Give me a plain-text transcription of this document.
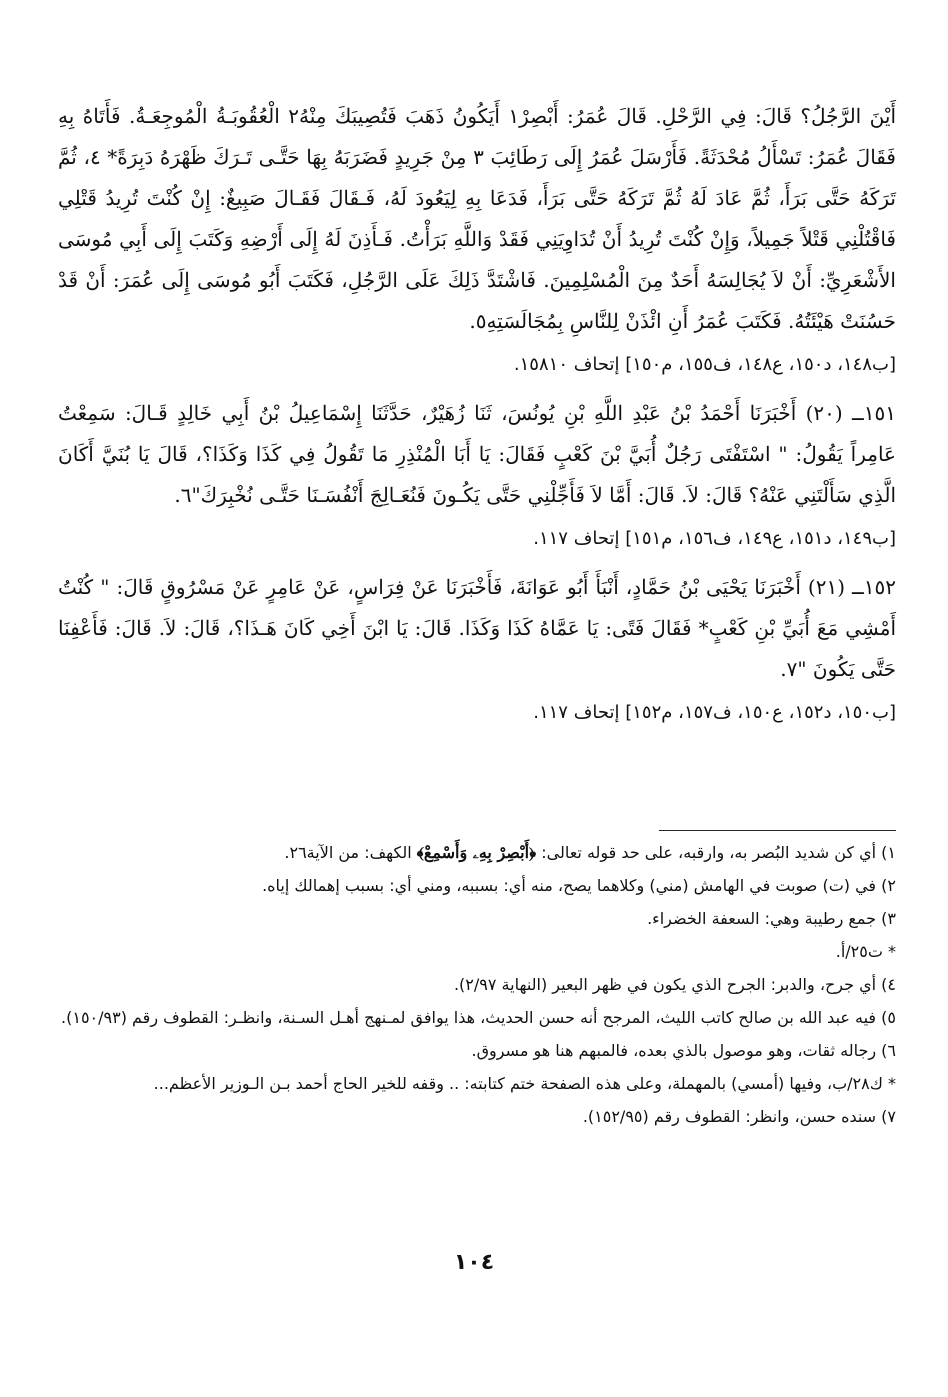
أَيْنَ الرَّجُلُ؟ قَالَ: فِي الرَّحْلِ. قَالَ عُمَرُ: أَبْصِرْ١ أَيَكُونُ ذَهَبَ فَتُصِيبَكَ مِنْهُ٢ الْعُقُوبَـةُ الْمُوجِعَـةُ. فَأَتَاهُ بِهِ فَقَالَ عُمَرُ: تَسْأَلُ مُحْدَثَةً. فَأَرْسَلَ عُمَرُ إِلَى رَطَائِبَ ٣ مِنْ جَرِيدٍ فَضَرَبَهُ بِهَا حَتَّـى تَـرَكَ ظَهْرَهُ دَبِرَةً* ٤، ثُمَّ تَرَكَهُ حَتَّى بَرَأَ، ثُمَّ عَادَ لَهُ ثُمَّ تَرَكَهُ حَتَّى بَرَأَ، فَدَعَا بِهِ لِيَعُودَ لَهُ، فَـقَالَ فَقَـالَ صَبِيغٌ: إِنْ كُنْتَ تُرِيدُ قَتْلِي فَاقْتُلْنِي قَتْلاً جَمِيلاً، وَإِنْ كُنْتَ تُرِيدُ أَنْ تُدَاوِيَنِي فَقَدْ وَاللَّهِ بَرَأْتُ. فَـأَذِنَ لَهُ إِلَى أَرْضِهِ وَكَتَبَ إِلَى أَبِي مُوسَى الأَشْعَرِيِّ: أَنْ لاَ يُجَالِسَهُ أَحَدٌ مِنَ الْمُسْلِمِينَ. فَاشْتَدَّ ذَلِكَ عَلَى الرَّجُلِ، فَكَتَبَ أَبُو مُوسَى إِلَى عُمَرَ: أَنْ قَدْ حَسُنَتْ هَيْئَتُهُ. فَكَتَبَ عُمَرُ أَنِ ائْذَنْ لِلنَّاسِ بِمُجَالَسَتِهِ٥.

[ب١٤٨، د١٥٠، ع١٤٨، ف١٥٥، م١٥٠] إتحاف ١٥٨١٠.

١٥١ــ (٢٠) أَخْبَرَنَا أَحْمَدُ بْنُ عَبْدِ اللَّهِ بْنِ يُونُسَ، ثَنَا زُهَيْرٌ، حَدَّثَنَا إِسْمَاعِيلُ بْنُ أَبِي خَالِدٍ قَـالَ: سَمِعْتُ عَامِراً يَقُولُ: " اسْتَفْتَى رَجُلٌ أُبَيَّ بْنَ كَعْبٍ فَقَالَ: يَا أَبَا الْمُنْذِرِ مَا تَقُولُ فِي كَذَا وَكَذَا؟، قَالَ يَا بُنَيَّ أَكَانَ الَّذِي سَأَلْتَنِي عَنْهُ؟ قَالَ: لاَ. قَالَ: أَمَّا لاَ فَأَجِّلْنِي حَتَّى يَكُـونَ فَنُعَـالِجَ أَنْفُسَـنَا حَتَّـى نُخْبِرَكَ"٦.

[ب١٤٩، د١٥١، ع١٤٩، ف١٥٦، م١٥١] إتحاف ١١٧.

١٥٢ــ (٢١) أَخْبَرَنَا يَحْيَى بْنُ حَمَّادٍ، أَنْبَأَ أَبُو عَوَانَةَ، فَأَخْبَرَنَا عَنْ فِرَاسٍ، عَنْ عَامِرٍ عَنْ مَسْرُوقٍ قَالَ: " كُنْتُ أَمْشِي مَعَ أُبَيِّ بْنِ كَعْبٍ* فَقَالَ فَتًى: يَا عَمَّاهُ كَذَا وَكَذَا. قَالَ: يَا ابْنَ أَخِي كَانَ هَـذَا؟، قَالَ: لاَ. قَالَ: فَأَعْفِنَا حَتَّى يَكُونَ "٧.

[ب١٥٠، د١٥٢، ع١٥٠، ف١٥٧، م١٥٢] إتحاف ١١٧.

١) أي كن شديد البُصر به، وارقبه، على حد قوله تعالى: ﴿أَبْصِرْ بِهِۦ وَأَسْمِعْ﴾ الكهف: من الآية٢٦.

٢) في (ت) صوبت في الهامش (مني) وكلاهما يصح، منه أي: بسببه، ومني أي: بسبب إهمالك إياه.

٣) جمع رطيبة وهي: السعفة الخضراء.

* ت٢٥/أ.

٤) أي جرح، والدبر: الجرح الذي يكون في ظهر البعير (النهاية ٢/٩٧).

٥) فيه عبد الله بن صالح كاتب الليث، المرجح أنه حسن الحديث، هذا يوافق لمـنهج أهـل السـنة، وانظـر: القطوف رقم (١٥٠/٩٣).

٦) رجاله ثقات، وهو موصول بالذي بعده، فالمبهم هنا هو مسروق.

* ك٢٨/ب، وفيها (أمسي) بالمهملة، وعلى هذه الصفحة ختم كتابته: .. وقفه للخير الحاج أحمد بـن الـوزير الأعظم...

٧) سنده حسن، وانظر: القطوف رقم (١٥٢/٩٥).

١٠٤
